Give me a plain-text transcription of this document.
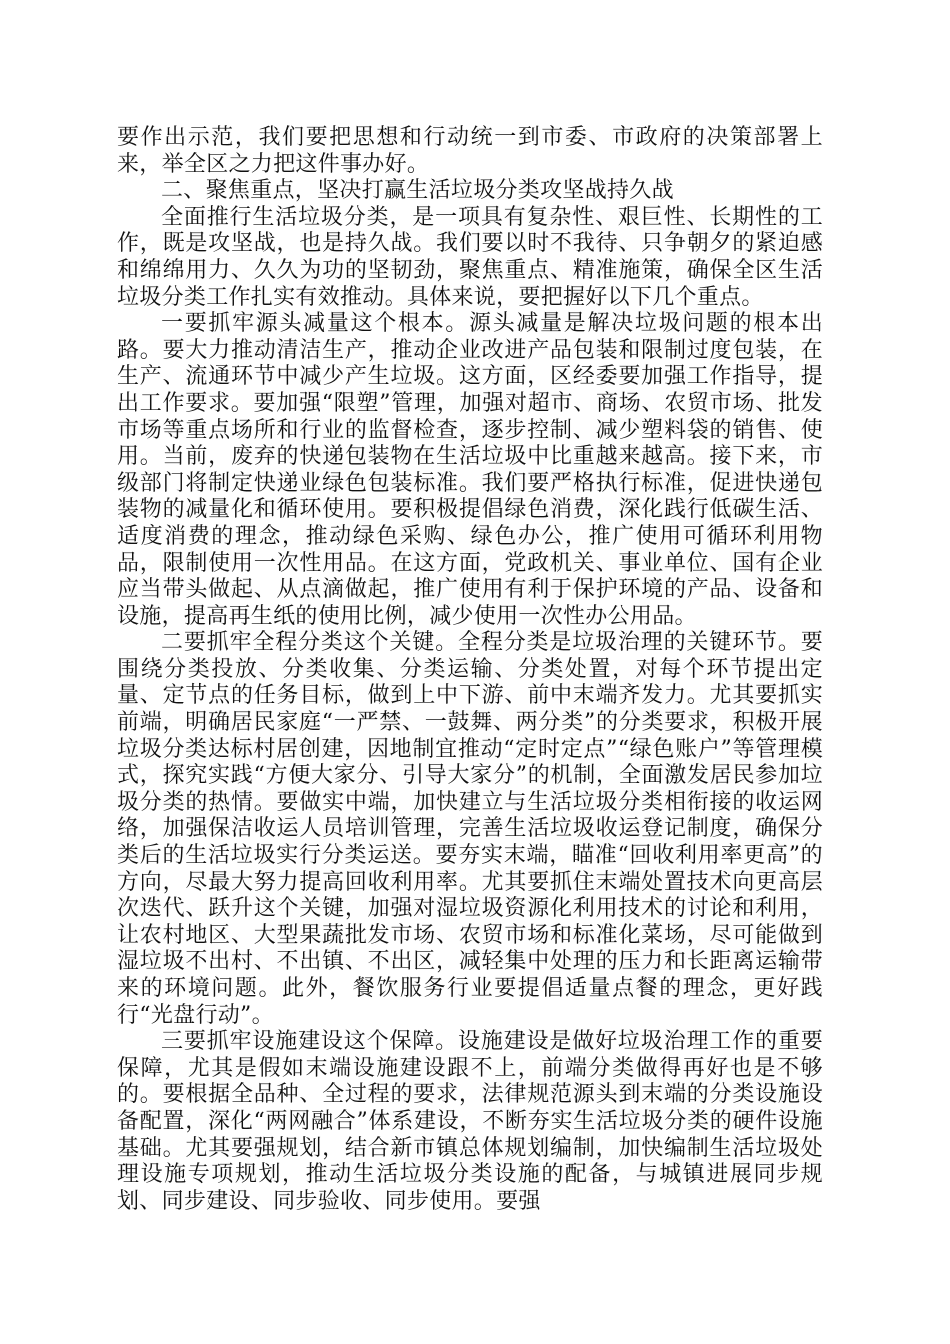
要作出示范，我们要把思想和行动统一到市委、市政府的决策部署上来，举全区之力把这件事办好。

二、聚焦重点，坚决打赢生活垃圾分类攻坚战持久战

全面推行生活垃圾分类，是一项具有复杂性、艰巨性、长期性的工作，既是攻坚战，也是持久战。我们要以时不我待、只争朝夕的紧迫感和绵绵用力、久久为功的坚韧劲，聚焦重点、精准施策，确保全区生活垃圾分类工作扎实有效推动。具体来说，要把握好以下几个重点。

一要抓牢源头减量这个根本。源头减量是解决垃圾问题的根本出路。要大力推动清洁生产，推动企业改进产品包装和限制过度包装，在生产、流通环节中减少产生垃圾。这方面，区经委要加强工作指导，提出工作要求。要加强“限塑”管理，加强对超市、商场、农贸市场、批发市场等重点场所和行业的监督检查，逐步控制、减少塑料袋的销售、使用。当前，废弃的快递包装物在生活垃圾中比重越来越高。接下来，市级部门将制定快递业绿色包装标准。我们要严格执行标准，促进快递包装物的减量化和循环使用。要积极提倡绿色消费，深化践行低碳生活、适度消费的理念，推动绿色采购、绿色办公，推广使用可循环利用物品，限制使用一次性用品。在这方面，党政机关、事业单位、国有企业应当带头做起、从点滴做起，推广使用有利于保护环境的产品、设备和设施，提高再生纸的使用比例，减少使用一次性办公用品。

二要抓牢全程分类这个关键。全程分类是垃圾治理的关键环节。要围绕分类投放、分类收集、分类运输、分类处置，对每个环节提出定量、定节点的任务目标，做到上中下游、前中末端齐发力。尤其要抓实前端，明确居民家庭“一严禁、一鼓舞、两分类”的分类要求，积极开展垃圾分类达标村居创建，因地制宜推动“定时定点”“绿色账户”等管理模式，探究实践“方便大家分、引导大家分”的机制，全面激发居民参加垃圾分类的热情。要做实中端，加快建立与生活垃圾分类相衔接的收运网络，加强保洁收运人员培训管理，完善生活垃圾收运登记制度，确保分类后的生活垃圾实行分类运送。要夯实末端，瞄准“回收利用率更高”的方向，尽最大努力提高回收利用率。尤其要抓住末端处置技术向更高层次迭代、跃升这个关键，加强对湿垃圾资源化利用技术的讨论和利用，让农村地区、大型果蔬批发市场、农贸市场和标准化菜场，尽可能做到湿垃圾不出村、不出镇、不出区，减轻集中处理的压力和长距离运输带来的环境问题。此外，餐饮服务行业要提倡适量点餐的理念，更好践行“光盘行动”。

三要抓牢设施建设这个保障。设施建设是做好垃圾治理工作的重要保障，尤其是假如末端设施建设跟不上，前端分类做得再好也是不够的。要根据全品种、全过程的要求，法律规范源头到末端的分类设施设备配置，深化“两网融合”体系建设，不断夯实生活垃圾分类的硬件设施基础。尤其要强规划，结合新市镇总体规划编制，加快编制生活垃圾处理设施专项规划，推动生活垃圾分类设施的配备，与城镇进展同步规划、同步建设、同步验收、同步使用。要强
